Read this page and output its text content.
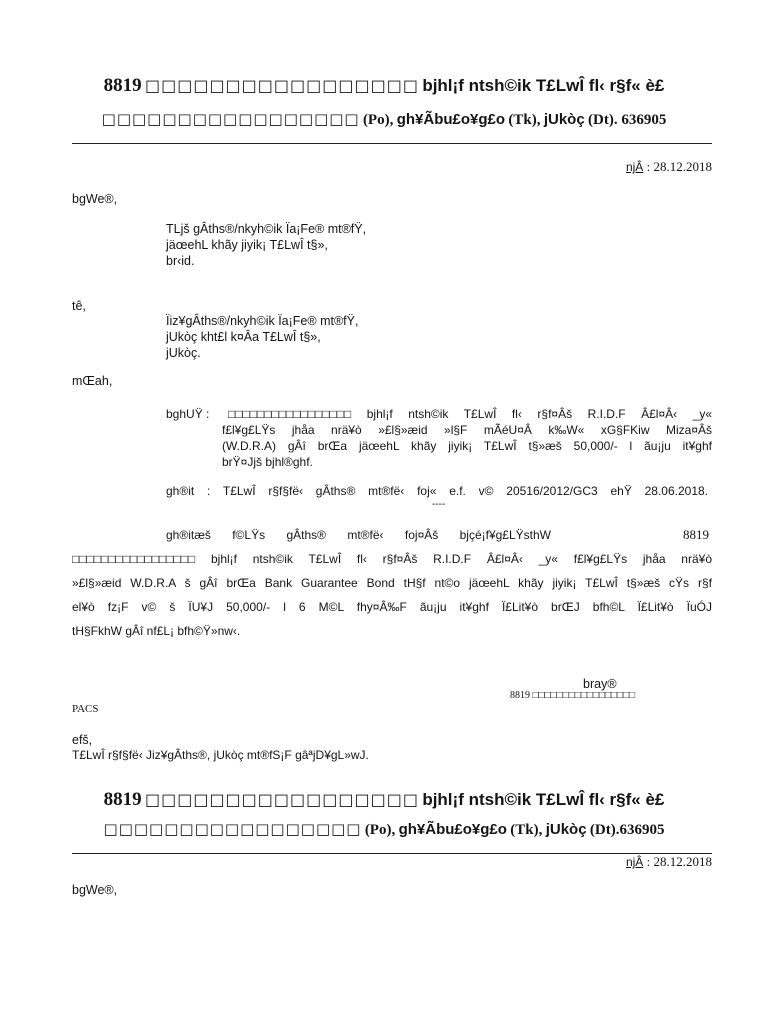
8819 □□□□□□□□□□□□□□□□□ bjhl¡f ntsh©ik T£LwÎ fl‹ r§f« è£
□□□□□□□□□□□□□□□□□ (Po), gh¥Ãbu£o¥g£o (Tk), jUkòç (Dt). 636905
njÂ : 28.12.2018
bgWe®,
TLjš gÂths®/nkyh©ik Ïa¡Fe® mt®fŸ,
jäœehL khãy jiyik¡ T£LwÎ t§»,
br‹id.
tê,
Ïiz¥gÂths®/nkyh©ik Ïa¡Fe® mt®fŸ,
jUkòç kht£l k¤Âa T£LwÎ t§»,
jUkòç.
mŒah,
bghUŸ : □□□□□□□□□□□□□□□□□ bjhl¡f ntsh©ik T£LwÎ fl‹ r§f¤Âš R.I.D.F Â£l¤Â‹ _y«
f£l¥g£LŸs jhåa nrä¥ò »£l§»æid »l§F mÃéU¤Â k‰W« xG§FKiw Miza¤Âš
(W.D.R.A) gÂî brŒa jäœehL khãy jiyik¡ T£LwÎ t§»æš 50,000/- l ãu¡ju it¥ghf
brŸ¤Jjš bjhl®ghf.
gh®it : T£LwÎ r§f§fë‹ gÂths® mt®fë‹ foj« e.f. v© 20516/2012/GC3 ehŸ 28.06.2018.
----
gh®itæš f©LŸs gÂths® mt®fë‹ foj¤Âš bjçé¡f¥g£LŸsthW	8819
□□□□□□□□□□□□□□□□□ bjhl¡f ntsh©ik T£LwÎ fl‹ r§f¤Âš R.I.D.F Â£l¤Â‹ _y« f£l¥g£LŸs jhåa nrä¥ò
»£l§»æid W.D.R.A š gÂî brŒa Bank Guarantee Bond tH§f nt©o jäœehL khãy jiyik¡ T£LwÎ t§»æš cŸs r§f
el¥ò fz¡F v© š ÏU¥J 50,000/- l 6 M©L fhy¤Â‰F ãu¡ju it¥ghf Ï£Lit¥ò brŒJ bfh©L Ï£Lit¥ò ÏuÓJ
tH§FkhW gÂî nf£L¡ bfh©Ÿ»nw‹.
bray®
8819 □□□□□□□□□□□□□□□□□
PACS
efš,
T£LwÎ r§f§fë‹ Jiz¥gÂths®, jUkòç mt®fS¡F gâªjD¥gL»wJ.
8819 □□□□□□□□□□□□□□□□□ bjhl¡f ntsh©ik T£LwÎ fl‹ r§f« è£
□□□□□□□□□□□□□□□□□ (Po), gh¥Ãbu£o¥g£o (Tk), jUkòç (Dt).636905
njÂ : 28.12.2018
bgWe®,
